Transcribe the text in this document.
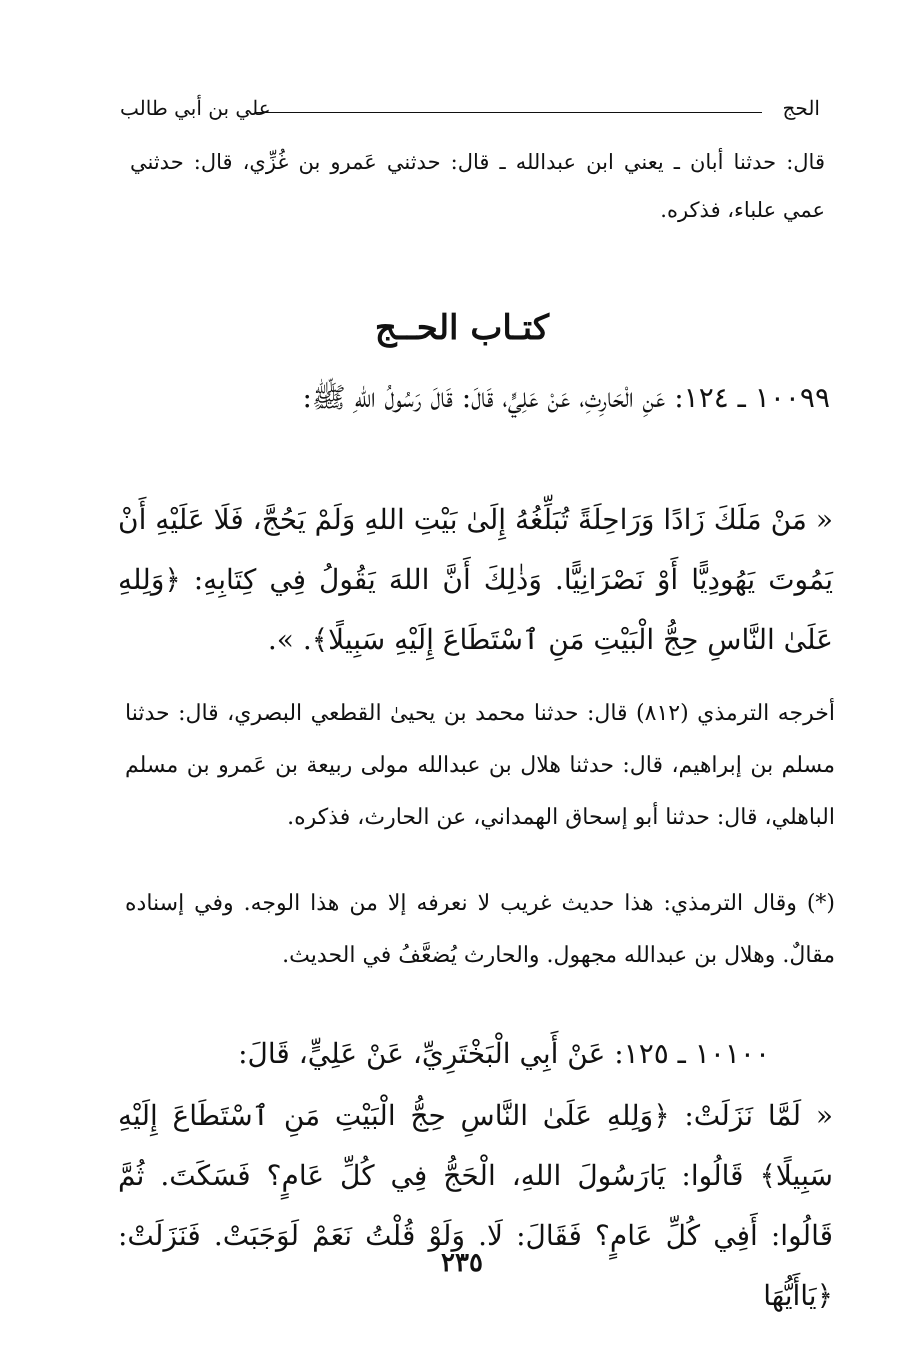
الحج
علي بن أبي طالب
قال: حدثنا أبان ـ يعني ابن عبدالله ـ قال: حدثني عَمرو بن غُزِّي، قال: حدثني عمي علباء، فذكره.
كتـاب الحــج
١٠٠٩٩ ـ ١٢٤: عَنِ الْحَارِثِ، عَنْ عَلِيٍّ، قَالَ: قَالَ رَسُولُ اللهِ ﷺ:
« مَنْ مَلَكَ زَادًا وَرَاحِلَةً تُبَلِّغُهُ إِلَىٰ بَيْتِ اللهِ وَلَمْ يَحُجَّ، فَلَا عَلَيْهِ أَنْ يَمُوتَ يَهُودِيًّا أَوْ نَصْرَانِيًّا. وَذٰلِكَ أَنَّ اللهَ يَقُولُ فِي كِتَابِهِ: ﴿وَلِلهِ عَلَىٰ النَّاسِ حِجُّ الْبَيْتِ مَنِ ٱسْتَطَاعَ إِلَيْهِ سَبِيلًا﴾. ».
أخرجه الترمذي (٨١٢) قال: حدثنا محمد بن يحيىٰ القطعي البصري، قال: حدثنا مسلم بن إبراهيم، قال: حدثنا هلال بن عبدالله مولى ربيعة بن عَمرو بن مسلم الباهلي، قال: حدثنا أبو إسحاق الهمداني، عن الحارث، فذكره.
(*) وقال الترمذي: هذا حديث غريب لا نعرفه إلا من هذا الوجه. وفي إسناده مقالٌ. وهلال بن عبدالله مجهول. والحارث يُضعَّفُ في الحديث.
١٠١٠٠ ـ ١٢٥: عَنْ أَبِي الْبَخْتَرِيِّ، عَنْ عَلِيٍّ، قَالَ:
« لَمَّا نَزَلَتْ: ﴿وَلِلهِ عَلَىٰ النَّاسِ حِجُّ الْبَيْتِ مَنِ ٱسْتَطَاعَ إِلَيْهِ سَبِيلًا﴾ قَالُوا: يَارَسُولَ اللهِ، الْحَجُّ فِي كُلِّ عَامٍ؟ فَسَكَتَ. ثُمَّ قَالُوا: أَفِي كُلِّ عَامٍ؟ فَقَالَ: لَا. وَلَوْ قُلْتُ نَعَمْ لَوَجَبَتْ. فَنَزَلَتْ: ﴿يَاأَيُّهَا
٢٣٥
